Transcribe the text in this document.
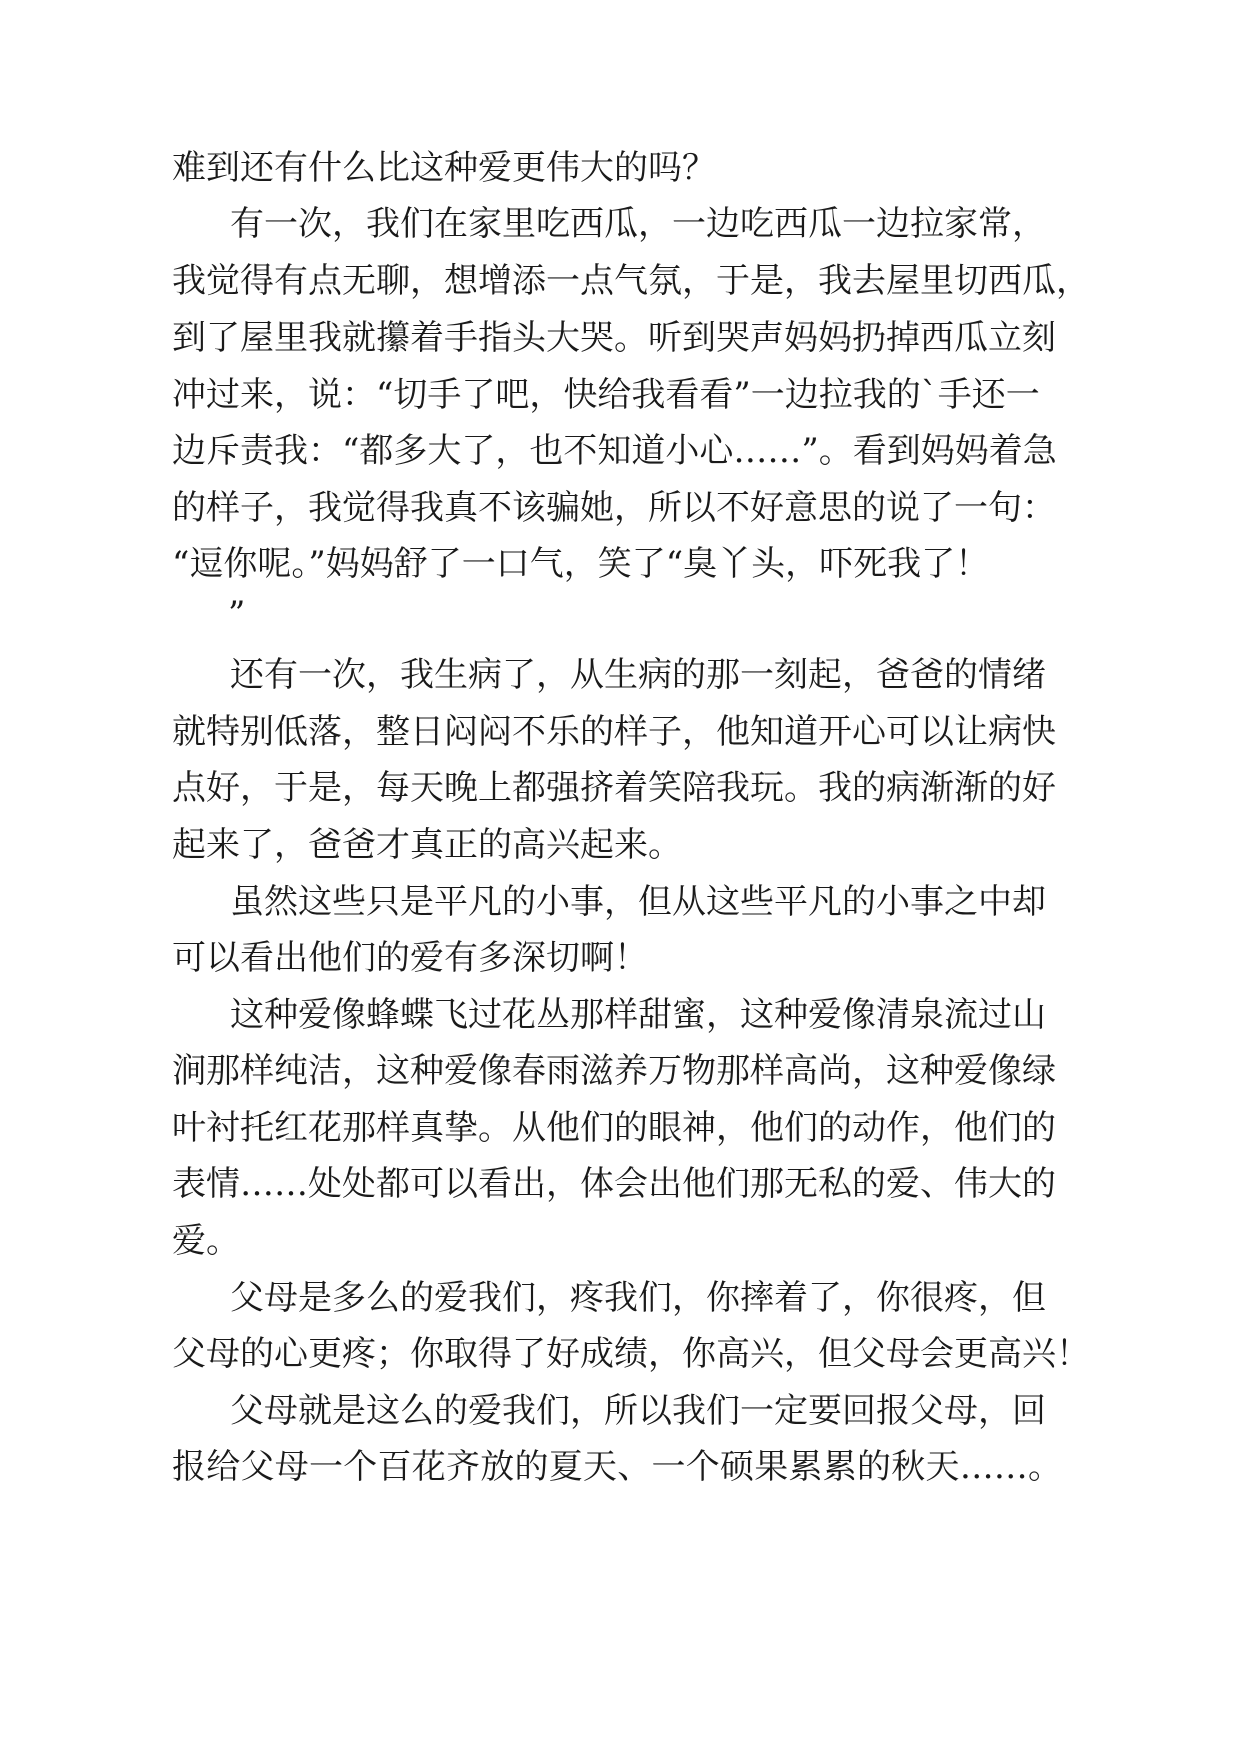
难到还有什么比这种爱更伟大的吗？

有一次，我们在家里吃西瓜，一边吃西瓜一边拉家常，

我觉得有点无聊，想增添一点气氛，于是，我去屋里切西瓜，

到了屋里我就攥着手指头大哭。听到哭声妈妈扔掉西瓜立刻

冲过来，说：“切手了吧，快给我看看”一边拉我的`手还一

边斥责我：“都多大了，也不知道小心……”。看到妈妈着急

的样子，我觉得我真不该骗她，所以不好意思的说了一句：

“逗你呢。”妈妈舒了一口气，笑了“臭丫头，吓死我了！

”

还有一次，我生病了，从生病的那一刻起，爸爸的情绪

就特别低落，整日闷闷不乐的样子，他知道开心可以让病快

点好，于是，每天晚上都强挤着笑陪我玩。我的病渐渐的好

起来了，爸爸才真正的高兴起来。

虽然这些只是平凡的小事，但从这些平凡的小事之中却

可以看出他们的爱有多深切啊！

这种爱像蜂蝶飞过花丛那样甜蜜，这种爱像清泉流过山

涧那样纯洁，这种爱像春雨滋养万物那样高尚，这种爱像绿

叶衬托红花那样真挚。从他们的眼神，他们的动作，他们的

表情……处处都可以看出，体会出他们那无私的爱、伟大的

爱。

父母是多么的爱我们，疼我们，你摔着了，你很疼，但

父母的心更疼；你取得了好成绩，你高兴，但父母会更高兴！

父母就是这么的爱我们，所以我们一定要回报父母，回

报给父母一个百花齐放的夏天、一个硕果累累的秋天……。
